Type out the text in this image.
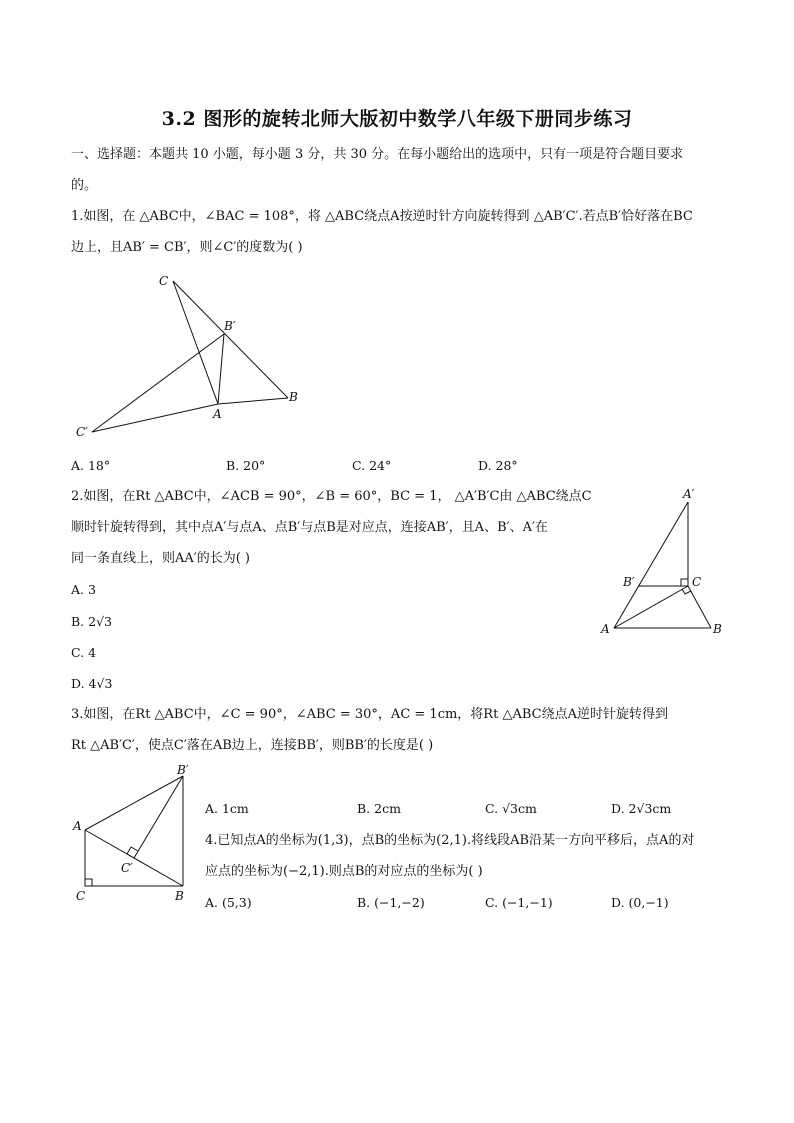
3.2 图形的旋转北师大版初中数学八年级下册同步练习
一、选择题：本题共 10 小题，每小题 3 分，共 30 分。在每小题给出的选项中，只有一项是符合题目要求
的。
1.如图，在 △ABC中，∠BAC = 108°，将 △ABC绕点A按逆时针方向旋转得到 △AB′C′.若点B′恰好落在BC
边上，且AB′ = CB′，则∠C′的度数为( )
C
B′
B
A
C′
A. 18°	B. 20°	C. 24°	D. 28°
2.如图，在Rt △ABC中，∠ACB = 90°，∠B = 60°，BC = 1， △A′B′C由 △ABC绕点C
顺时针旋转得到，其中点A′与点A、点B′与点B是对应点，连接AB′，且A、B′、A′在
同一条直线上，则AA′的长为( )
A′
B′	C
A	B
A. 3
B. 2√3
C. 4
D. 4√3
3.如图，在Rt △ABC中，∠C = 90°，∠ABC = 30°，AC = 1cm，将Rt △ABC绕点A逆时针旋转得到
Rt △AB′C′，使点C′落在AB边上，连接BB′，则BB′的长度是( )
B′
A
C′
C	B
A. 1cm	B. 2cm	C. √3cm	D. 2√3cm
4.已知点A的坐标为(1,3)，点B的坐标为(2,1).将线段AB沿某一方向平移后，点A的对
应点的坐标为(−2,1).则点B的对应点的坐标为( )
A. (5,3)	B. (−1,−2)	C. (−1,−1)	D. (0,−1)
